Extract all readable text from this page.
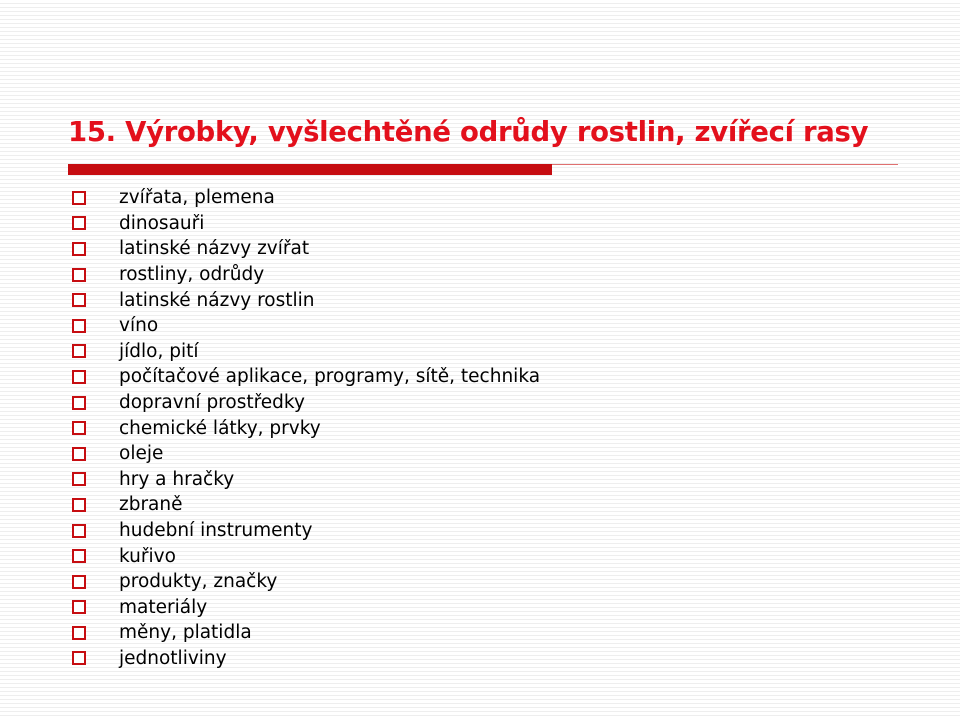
15. Výrobky, vyšlechtěné odrůdy rostlin, zvířecí rasy
zvířata, plemena
dinosauři
latinské názvy zvířat
rostliny, odrůdy
latinské názvy rostlin
víno
jídlo, pití
počítačové aplikace, programy, sítě, technika
dopravní prostředky
chemické látky, prvky
oleje
hry a hračky
zbraně
hudební instrumenty
kuřivo
produkty, značky
materiály
měny, platidla
jednotliviny
